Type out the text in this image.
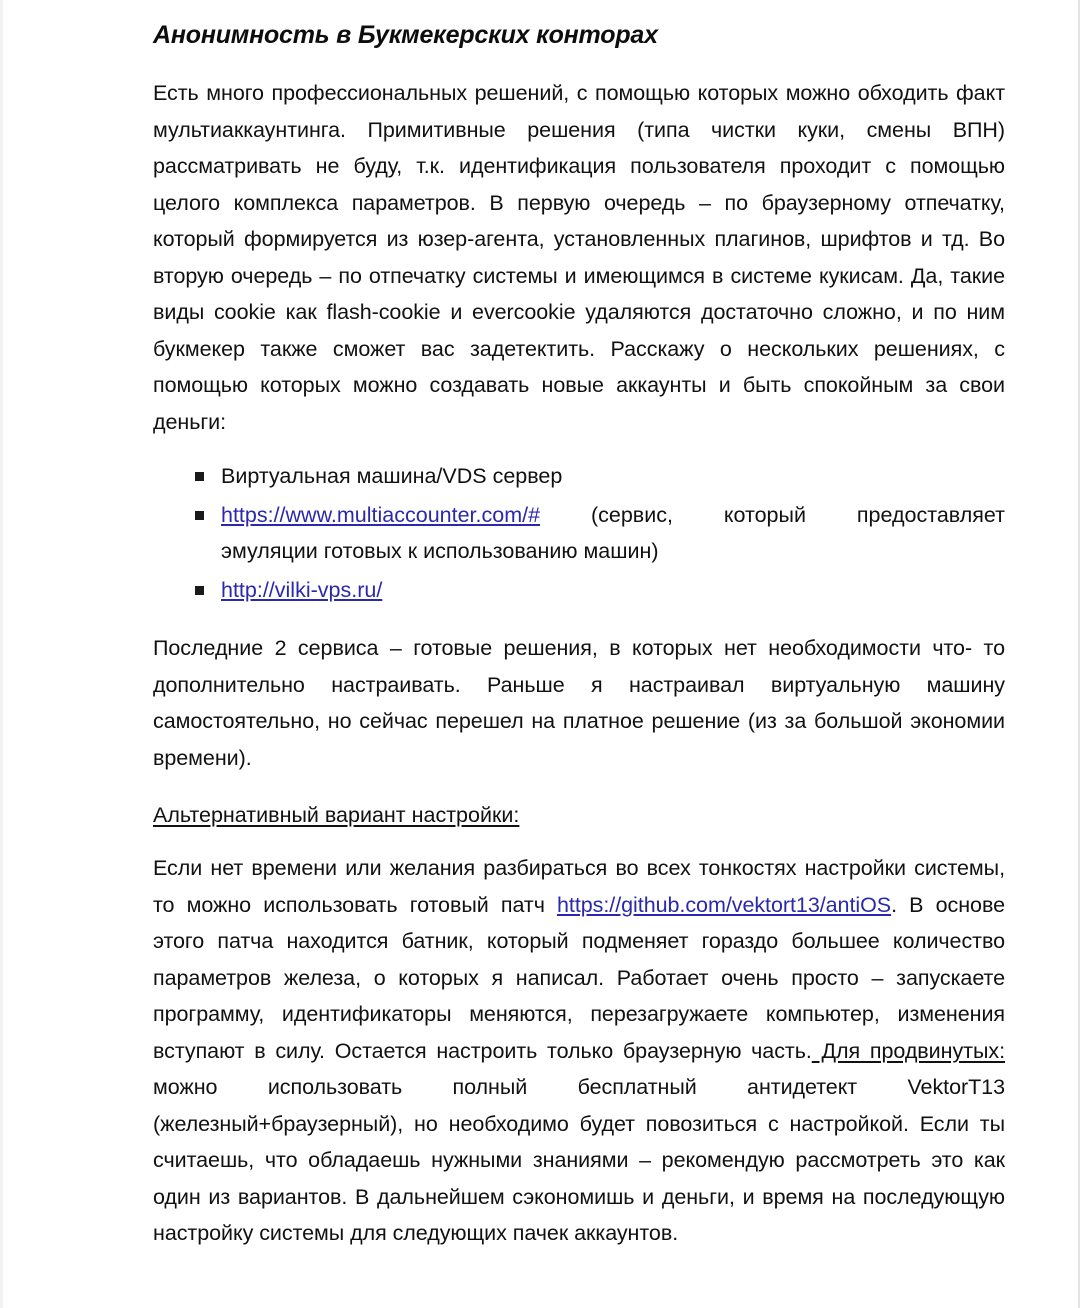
Анонимность в Букмекерских конторах

Есть много профессиональных решений, с помощью которых можно обходить факт мультиаккаунтинга. Примитивные решения (типа чистки куки, смены ВПН) рассматривать не буду, т.к. идентификация пользователя проходит с помощью целого комплекса параметров. В первую очередь – по браузерному отпечатку, который формируется из юзер-агента, установленных плагинов, шрифтов и тд. Во вторую очередь – по отпечатку системы и имеющимся в системе кукисам. Да, такие виды cookie как flash-cookie и evercookie удаляются достаточно сложно, и по ним букмекер также сможет вас задетектить. Расскажу о нескольких решениях, с помощью которых можно создавать новые аккаунты и быть спокойным за свои деньги:

Виртуальная машина/VDS сервер
https://www.multiaccounter.com/# (сервис, который предоставляет
эмуляции готовых к использованию машин)
http://vilki-vps.ru/

Последние 2 сервиса – готовые решения, в которых нет необходимости что- то дополнительно настраивать. Раньше я настраивал виртуальную машину самостоятельно, но сейчас перешел на платное решение (из за большой экономии времени).

Альтернативный вариант настройки:

Если нет времени или желания разбираться во всех тонкостях настройки системы, то можно использовать готовый патч https://github.com/vektort13/antiOS. В основе этого патча находится батник, который подменяет гораздо большее количество параметров железа, о которых я написал. Работает очень просто – запускаете программу, идентификаторы меняются, перезагружаете компьютер, изменения вступают в силу. Остается настроить только браузерную часть. Для продвинутых: можно использовать полный бесплатный антидетект VektorT13 (железный+браузерный), но необходимо будет повозиться с настройкой. Если ты считаешь, что обладаешь нужными знаниями – рекомендую рассмотреть это как один из вариантов. В дальнейшем сэкономишь и деньги, и время на последующую настройку системы для следующих пачек аккаунтов.
